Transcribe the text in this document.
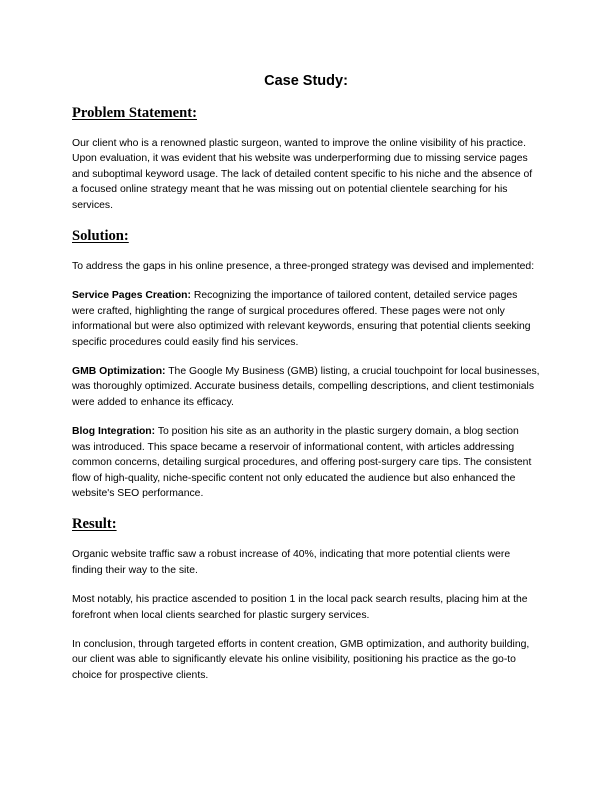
Case Study:
Problem Statement:

Our client who is a renowned plastic surgeon, wanted to improve the online visibility of his practice. Upon evaluation, it was evident that his website was underperforming due to missing service pages and suboptimal keyword usage. The lack of detailed content specific to his niche and the absence of a focused online strategy meant that he was missing out on potential clientele searching for his services.

Solution:

To address the gaps in his online presence, a three-pronged strategy was devised and implemented:

Service Pages Creation: Recognizing the importance of tailored content, detailed service pages were crafted, highlighting the range of surgical procedures offered. These pages were not only informational but were also optimized with relevant keywords, ensuring that potential clients seeking specific procedures could easily find his services.

GMB Optimization: The Google My Business (GMB) listing, a crucial touchpoint for local businesses, was thoroughly optimized. Accurate business details, compelling descriptions, and client testimonials were added to enhance its efficacy.

Blog Integration: To position his site as an authority in the plastic surgery domain, a blog section was introduced. This space became a reservoir of informational content, with articles addressing common concerns, detailing surgical procedures, and offering post-surgery care tips. The consistent flow of high-quality, niche-specific content not only educated the audience but also enhanced the website's SEO performance.

Result:

Organic website traffic saw a robust increase of 40%, indicating that more potential clients were finding their way to the site.

Most notably, his practice ascended to position 1 in the local pack search results, placing him at the forefront when local clients searched for plastic surgery services.

In conclusion, through targeted efforts in content creation, GMB optimization, and authority building, our client was able to significantly elevate his online visibility, positioning his practice as the go-to choice for prospective clients.
